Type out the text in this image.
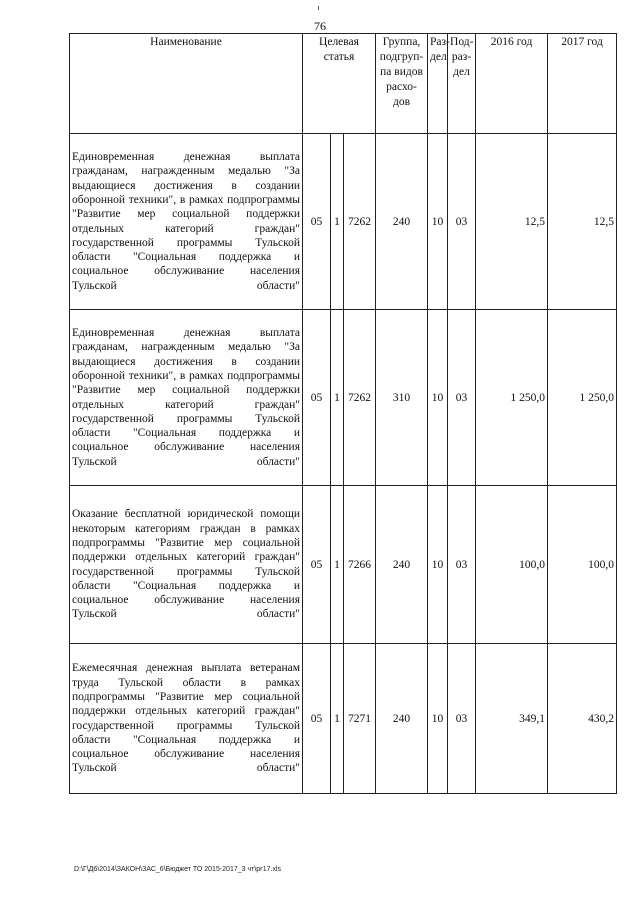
76
Наименование	Целевая статья			Группа, подгруп-па видов расхо-дов	Раз-дел	Под-раз-дел	2016 год	2017 год
Единовременная денежная выплата гражданам, награжденным медалью "За выдающиеся достижения в создании оборонной техники", в рамках подпрограммы "Развитие мер социальной поддержки отдельных категорий граждан" государственной программы Тульской области "Социальная поддержка и социальное обслуживание населения Тульской области"	05	1	7262	240	10	03	12,5	12,5
Единовременная денежная выплата гражданам, награжденным медалью "За выдающиеся достижения в создании оборонной техники", в рамках подпрограммы "Развитие мер социальной поддержки отдельных категорий граждан" государственной программы Тульской области "Социальная поддержка и социальное обслуживание населения Тульской области"	05	1	7262	310	10	03	1 250,0	1 250,0
Оказание бесплатной юридической помощи некоторым категориям граждан в рамках подпрограммы "Развитие мер социальной поддержки отдельных категорий граждан" государственной программы Тульской области "Социальная поддержка и социальное обслуживание населения Тульской области"	05	1	7266	240	10	03	100,0	100,0
Ежемесячная денежная выплата ветеранам труда Тульской области в рамках подпрограммы "Развитие мер социальной поддержки отдельных категорий граждан" государственной программы Тульской области "Социальная поддержка и социальное обслуживание населения Тульской области"	05	1	7271	240	10	03	349,1	430,2
D:\Г\Д6\2014\ЗАКОН\ЗАС_6\Бюджет ТО 2015-2017_3 чт\рг17.xls
